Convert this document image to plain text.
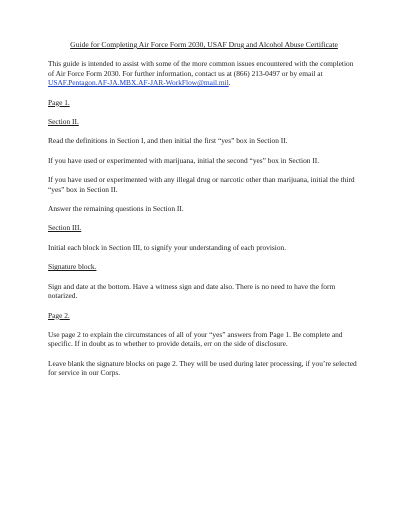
Guide for Completing Air Force Form 2030, USAF Drug and Alcohol Abuse Certificate

This guide is intended to assist with some of the more common issues encountered with the completion of Air Force Form 2030. For further information, contact us at (866) 213-0497 or by email at USAF.Pentagon.AF-JA.MBX.AF-JAR-WorkFlow@mail.mil.

Page 1.

Section II.

Read the definitions in Section I, and then initial the first “yes” box in Section II.

If you have used or experimented with marijuana, initial the second “yes” box in Section II.

If you have used or experimented with any illegal drug or narcotic other than marijuana, initial the third “yes” box in Section II.

Answer the remaining questions in Section II.

Section III.

Initial each block in Section III, to signify your understanding of each provision.

Signature block.

Sign and date at the bottom. Have a witness sign and date also. There is no need to have the form notarized.

Page 2.

Use page 2 to explain the circumstances of all of your “yes” answers from Page 1. Be complete and specific. If in doubt as to whether to provide details, err on the side of disclosure.

Leave blank the signature blocks on page 2. They will be used during later processing, if you’re selected for service in our Corps.
